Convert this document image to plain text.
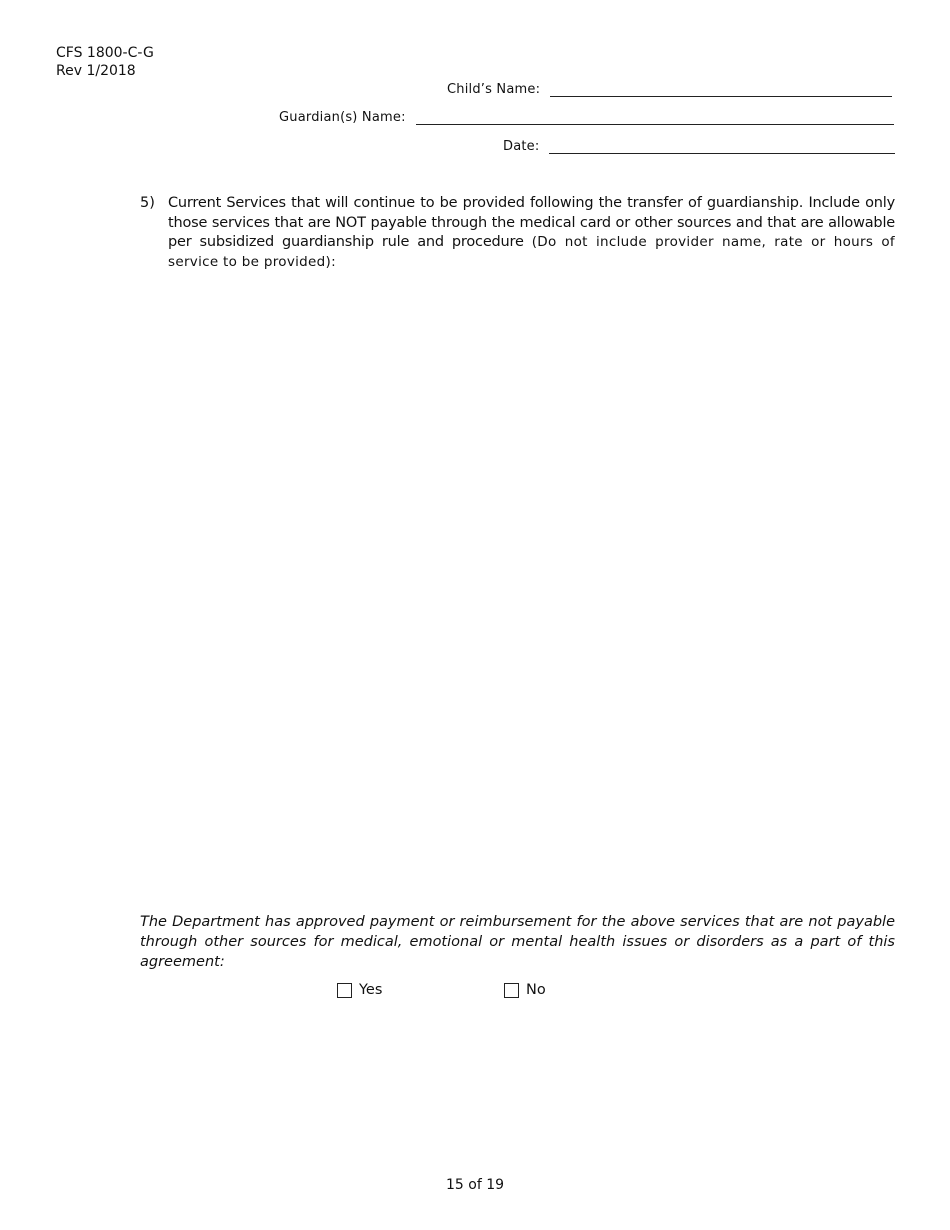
CFS 1800-C-G
Rev 1/2018
Child’s Name:
Guardian(s) Name:
Date:
5) Current Services that will continue to be provided following the transfer of guardianship. Include only those services that are NOT payable through the medical card or other sources and that are allowable per subsidized guardianship rule and procedure (Do not include provider name, rate or hours of service to be provided):
The Department has approved payment or reimbursement for the above services that are not payable through other sources for medical, emotional or mental health issues or disorders as a part of this agreement:
Yes	No
15 of 19
